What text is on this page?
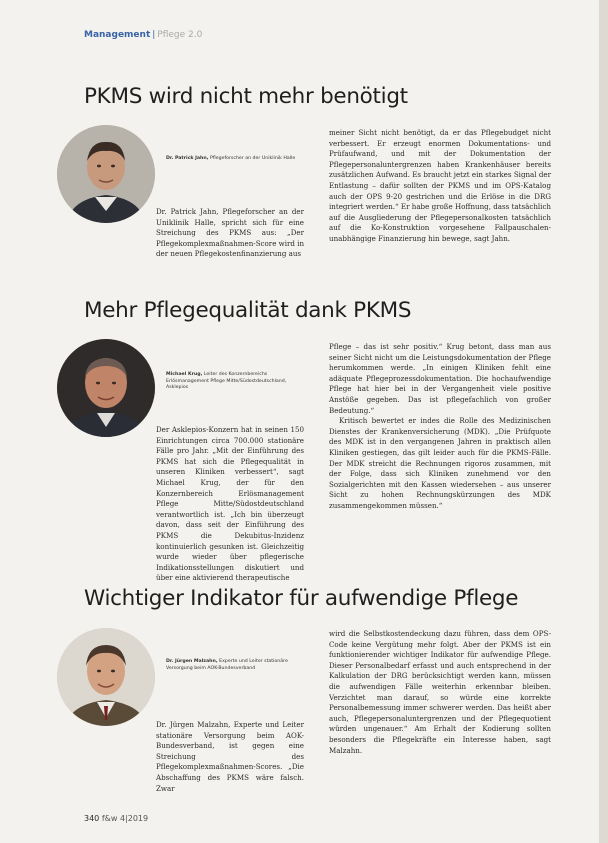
Management | Pflege 2.0
PKMS wird nicht mehr benötigt
Dr. Patrick Jahn, Pflegeforscher an der Uniklinik Halle

Dr. Patrick Jahn, Pflegeforscher an der Uniklinik Halle, spricht sich für eine Streichung des PKMS aus: „Der Pflegekomplexmaßnahmen-Score wird in der neuen Pflegekostenfinanzierung aus

meiner Sicht nicht benötigt, da er das Pflegebudget nicht verbessert. Er erzeugt enormen Dokumentations- und Prüfaufwand, und mit der Dokumentation der Pflegepersonaluntergrenzen haben Krankenhäuser bereits zusätzlichen Aufwand. Es braucht jetzt ein starkes Signal der Entlastung – dafür sollten der PKMS und im OPS-Katalog auch der OPS 9-20 gestrichen und die Erlöse in die DRG integriert werden.“ Er habe große Hoffnung, dass tatsächlich auf die Ausgliederung der Pflegepersonalkosten tatsächlich auf die Ko-Konstruktion vorgesehene Fallpauschalen-unabhängige Finanzierung hin bewege, sagt Jahn.

Mehr Pflegequalität dank PKMS
Michael Krug, Leiter des Konzernbereichs Erlösmanagement Pflege Mitte/Südostdeutschland, Asklepios

Der Asklepios-Konzern hat in seinen 150 Einrichtungen circa 700.000 stationäre Fälle pro Jahr. „Mit der Einführung des PKMS hat sich die Pflegequalität in unseren Kliniken verbessert“, sagt Michael Krug, der für den Konzernbereich Erlösmanagement Pflege Mitte/Südostdeutschland verantwortlich ist. „Ich bin überzeugt davon, dass seit der Einführung des PKMS die Dekubitus-Inzidenz kontinuierlich gesunken ist. Gleichzeitig wurde wieder über pflegerische Indikationsstellungen diskutiert und über eine aktivierend therapeutische

Pflege – das ist sehr positiv.“ Krug betont, dass man aus seiner Sicht nicht um die Leistungsdokumentation der Pflege herumkommen werde. „In einigen Kliniken fehlt eine adäquate Pflegeprozessdokumentation. Die hochaufwendige Pflege hat hier bei in der Vergangenheit viele positive Anstöße gegeben. Das ist pflegefachlich von großer Bedeutung.“

Kritisch bewertet er indes die Rolle des Medizinischen Dienstes der Krankenversicherung (MDK). „Die Prüfquote des MDK ist in den vergangenen Jahren in praktisch allen Kliniken gestiegen, das gilt leider auch für die PKMS-Fälle. Der MDK streicht die Rechnungen rigoros zusammen, mit der Folge, dass sich Kliniken zunehmend vor den Sozialgerichten mit den Kassen wiedersehen – aus unserer Sicht zu hohen Rechnungskürzungen des MDK zusammengekommen müssen.“

Wichtiger Indikator für aufwendige Pflege
Dr. Jürgen Malzahn, Experte und Leiter stationäre Versorgung beim AOK-Bundesverband

Dr. Jürgen Malzahn, Experte und Leiter stationäre Versorgung beim AOK-Bundesverband, ist gegen eine Streichung des Pflegekomplexmaßnahmen-Scores. „Die Abschaffung des PKMS wäre falsch. Zwar

wird die Selbstkostendeckung dazu führen, dass dem OPS-Code keine Vergütung mehr folgt. Aber der PKMS ist ein funktionierender wichtiger Indikator für aufwendige Pflege. Dieser Personalbedarf erfasst und auch entsprechend in der Kalkulation der DRG berücksichtigt werden kann, müssen die aufwendigen Fälle weiterhin erkennbar bleiben. Verzichtet man darauf, so würde eine korrekte Personalbemessung immer schwerer werden. Das heißt aber auch, Pflegepersonaluntergrenzen und der Pflegequotient würden ungenauer.“ Am Erhalt der Kodierung sollten besonders die Pflegekräfte ein Interesse haben, sagt Malzahn.

340 f&w 4|2019
